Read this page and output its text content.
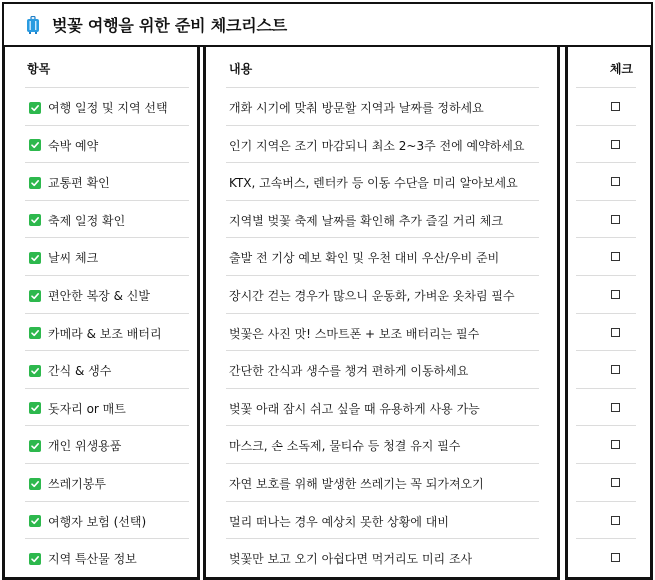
벚꽃 여행을 위한 준비 체크리스트
항목
여행 일정 및 지역 선택
숙박 예약
교통편 확인
축제 일정 확인
날씨 체크
편안한 복장 & 신발
카메라 & 보조 배터리
간식 & 생수
돗자리 or 매트
개인 위생용품
쓰레기봉투
여행자 보험 (선택)
지역 특산물 정보
내용
개화 시기에 맞춰 방문할 지역과 날짜를 정하세요
인기 지역은 조기 마감되니 최소 2~3주 전에 예약하세요
KTX, 고속버스, 렌터카 등 이동 수단을 미리 알아보세요
지역별 벚꽃 축제 날짜를 확인해 추가 즐길 거리 체크
출발 전 기상 예보 확인 및 우천 대비 우산/우비 준비
장시간 걷는 경우가 많으니 운동화, 가벼운 옷차림 필수
벚꽃은 사진 맛! 스마트폰 + 보조 배터리는 필수
간단한 간식과 생수를 챙겨 편하게 이동하세요
벚꽃 아래 잠시 쉬고 싶을 때 유용하게 사용 가능
마스크, 손 소독제, 물티슈 등 청결 유지 필수
자연 보호를 위해 발생한 쓰레기는 꼭 되가져오기
멀리 떠나는 경우 예상치 못한 상황에 대비
벚꽃만 보고 오기 아쉽다면 먹거리도 미리 조사
체크
